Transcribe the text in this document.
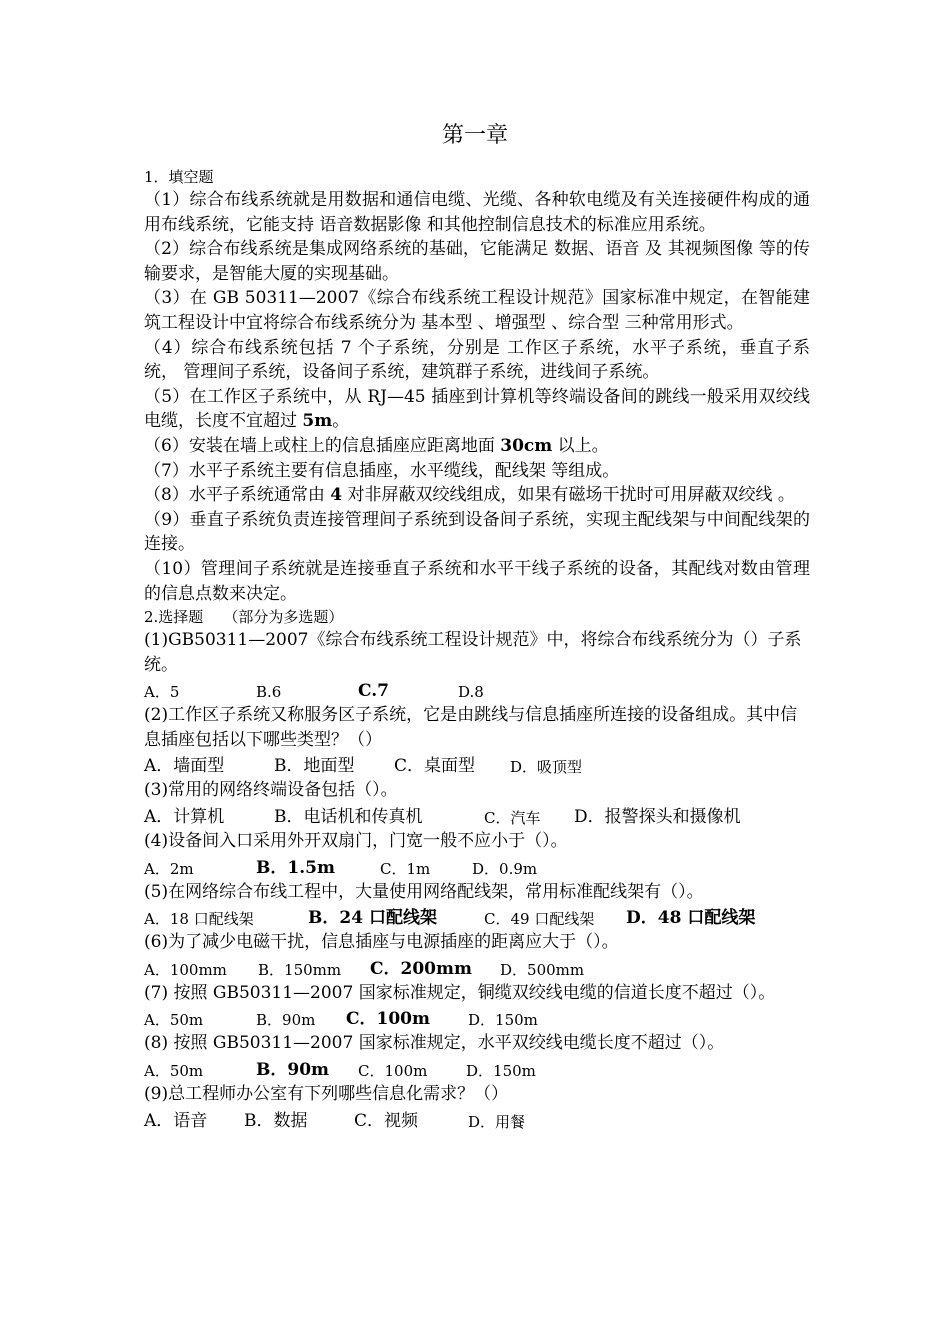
第一章
1．填空题
（1）综合布线系统就是用数据和通信电缆、光缆、各种软电缆及有关连接硬件构成的通用布线系统，它能支持 语音数据影像 和其他控制信息技术的标准应用系统。
（2）综合布线系统是集成网络系统的基础，它能满足 数据、语音 及 其视频图像 等的传输要求，是智能大厦的实现基础。
（3）在 GB 50311—2007《综合布线系统工程设计规范》国家标准中规定，在智能建筑工程设计中宜将综合布线系统分为 基本型 、增强型 、综合型 三种常用形式。
（4）综合布线系统包括 7 个子系统，分别是 工作区子系统，水平子系统，垂直子系统， 管理间子系统，设备间子系统，建筑群子系统，进线间子系统。
（5）在工作区子系统中，从 RJ—45 插座到计算机等终端设备间的跳线一般采用双绞线电缆，长度不宜超过 5m。
（6）安装在墙上或柱上的信息插座应距离地面 30cm 以上。
（7）水平子系统主要有信息插座，水平缆线，配线架 等组成。
（8）水平子系统通常由 4 对非屏蔽双绞线组成，如果有磁场干扰时可用屏蔽双绞线 。
（9）垂直子系统负责连接管理间子系统到设备间子系统，实现主配线架与中间配线架的连接。
（10）管理间子系统就是连接垂直子系统和水平干线子系统的设备，其配线对数由管理的信息点数来决定。
2.选择题 （部分为多选题）
(1)GB50311—2007《综合布线系统工程设计规范》中，将综合布线系统分为（）子系统。
A．5	B.6	C.7	D.8
(2)工作区子系统又称服务区子系统，它是由跳线与信息插座所连接的设备组成。其中信息插座包括以下哪些类型？（）
A．墙面型	B．地面型 C．桌面型 D．吸顶型
(3)常用的网络终端设备包括（）。
A．计算机	B．电话机和传真机	C．汽车 D．报警探头和摄像机
(4)设备间入口采用外开双扇门，门宽一般不应小于（）。
A．2m	B．1.5m	C．1m	D．0.9m
(5)在网络综合布线工程中，大量使用网络配线架，常用标准配线架有（）。
A．18 口配线架	B．24 口配线架	C．49 口配线架 D．48 口配线架
(6)为了减少电磁干扰，信息插座与电源插座的距离应大于（）。
A．100mm B．150mm C．200mm D．500mm
(7) 按照 GB50311—2007 国家标准规定，铜缆双绞线电缆的信道长度不超过（）。
A．50m	B．90m C．100m	D．150m
(8) 按照 GB50311—2007 国家标准规定，水平双绞线电缆长度不超过（）。
A．50m	B．90m C．100m	D．150m
(9)总工程师办公室有下列哪些信息化需求？（）
A．语音 B．数据	C．视频	D．用餐
